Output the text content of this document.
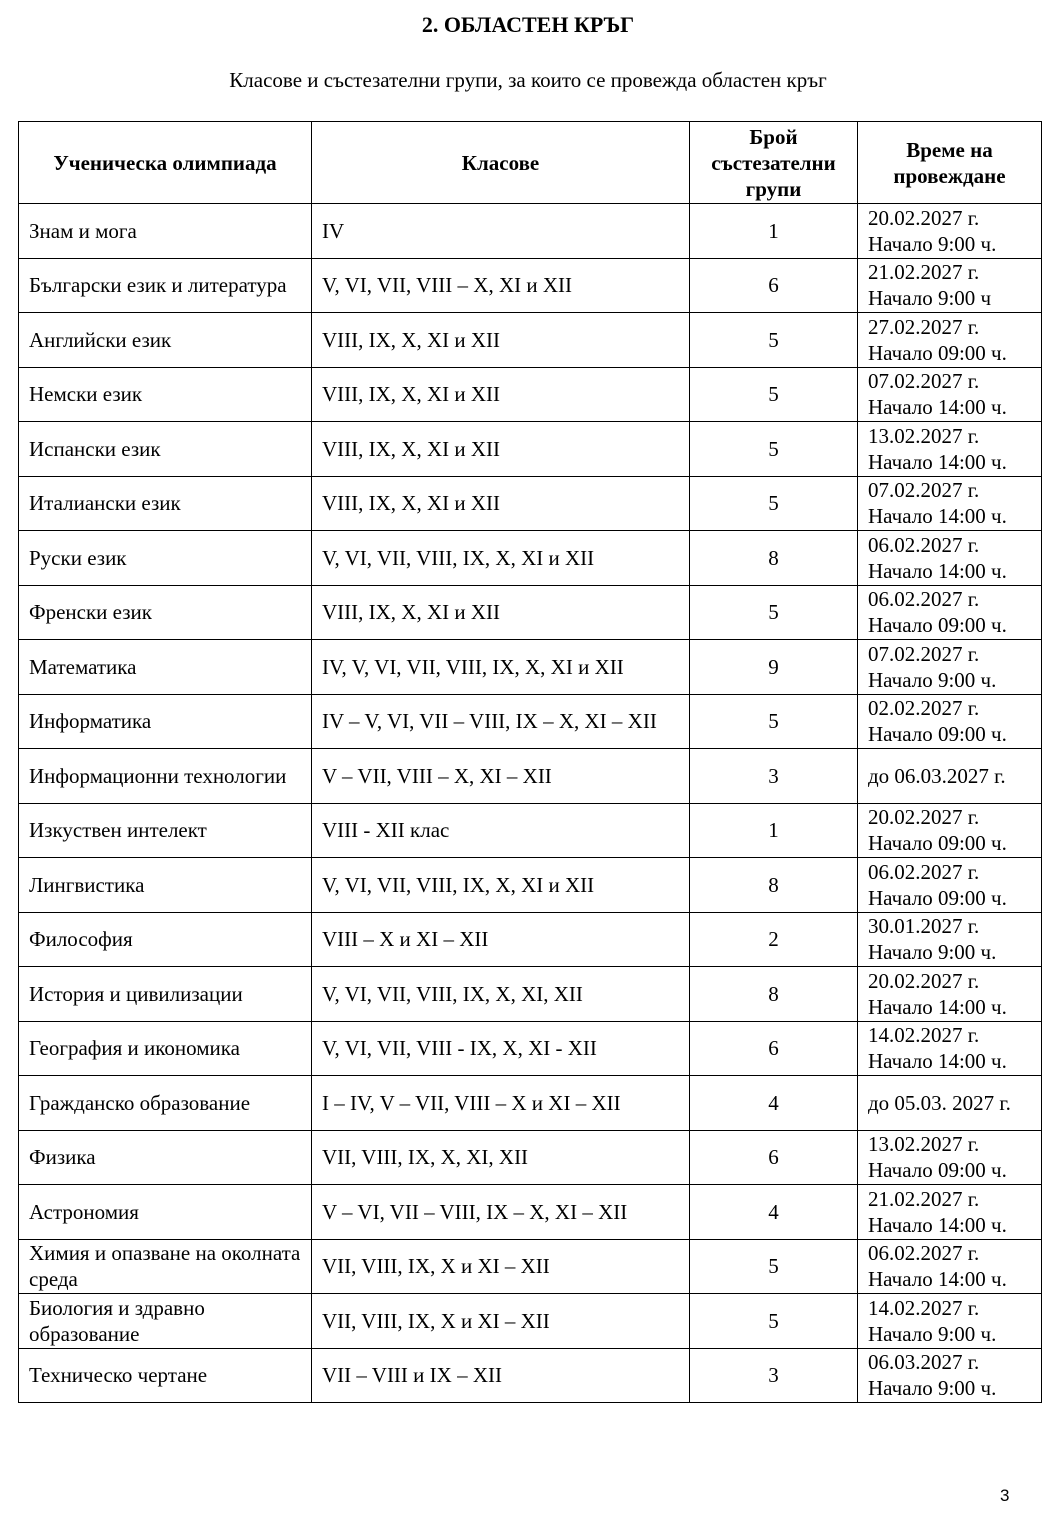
2. ОБЛАСТЕН КРЪГ
Класове и състезателни групи, за които се провежда областен кръг
Ученическа олимпиада	Класове	Брой състезателни групи	Време на провеждане
Знам и мога	IV	1	20.02.2027 г.
Начало 9:00 ч.

Български език и литература	V, VI, VII, VIII – X, XI и XII	6	21.02.2027 г.
Начало 9:00 ч

Английски език	VIII, IX, X, XI и XII	5	27.02.2027 г.
Начало 09:00 ч.

Немски език	VIII, IX, X, XI и XII	5	07.02.2027 г.
Начало 14:00 ч.

Испански език	VIII, IX, X, XI и XII	5	13.02.2027 г.
Начало 14:00 ч.

Италиански език	VIII, IX, X, XI и XII	5	07.02.2027 г.
Начало 14:00 ч.

Руски език	V, VI, VII, VIII, IX, X, XI и XII	8	06.02.2027 г.
Начало 14:00 ч.

Френски език	VIII, IX, X, XI и XII	5	06.02.2027 г.
Начало 09:00 ч.

Математика	IV, V, VI, VII, VIII, IX, X, XI и XII	9	07.02.2027 г.
Начало 9:00 ч.

Информатика	IV – V, VI, VII – VIII, IX – X, XI – XII	5	02.02.2027 г.
Начало 09:00 ч.

Информационни технологии	V – VII, VIII – X, XI – XII	3	до 06.03.2027 г.

Изкуствен интелект	VIII - XII клас	1	20.02.2027 г.
Начало 09:00 ч.

Лингвистика	V, VI, VII, VIII, IX, X, XI и XII	8	06.02.2027 г.
Начало 09:00 ч.

Философия	VIII – X и XI – XII	2	30.01.2027 г.
Начало 9:00 ч.

История и цивилизации	V, VI, VII, VIII, IX, X, XI, XII	8	20.02.2027 г.
Начало 14:00 ч.

География и икономика	V, VI, VII, VIII - IX, X, XI - XII	6	14.02.2027 г.
Начало 14:00 ч.

Гражданско образование	I – IV, V – VII, VIII – X и XI – XII	4	до 05.03. 2027 г.

Физика	VII, VIII, IX, X, XI, XII	6	13.02.2027 г.
Начало 09:00 ч.

Астрономия	V – VI, VII – VIII, IX – X, XI – XII	4	21.02.2027 г.
Начало 14:00 ч.

Химия и опазване на околната среда	VII, VIII, IX, X и XI – XII	5	06.02.2027 г.
Начало 14:00 ч.

Биология и здравно образование	VII, VIII, IX, X и XI – XII	5	14.02.2027 г.
Начало 9:00 ч.

Техническо чертане	VII – VIII и IX – XII	3	06.03.2027 г.
Начало 9:00 ч.
3
